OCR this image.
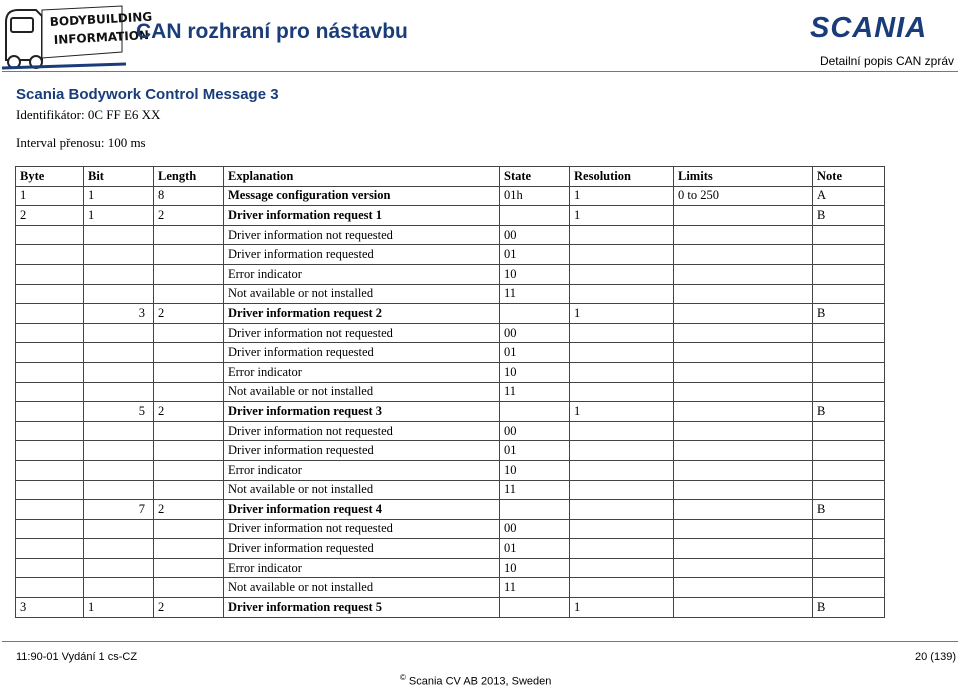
BODYBUILDING
INFORMATION
CAN rozhraní pro nástavbu	SCANIA
Detailní popis CAN zpráv
Scania Bodywork Control Message 3
Identifikátor: 0C FF E6 XX
Interval přenosu: 100 ms
Byte	Bit	Length	Explanation	State	Resolution	Limits	Note
1	1	8	Message configuration version	01h	1	0 to 250	A
2	1	2	Driver information request 1		1		B
			Driver information not requested	00			
			Driver information requested	01			
			Error indicator	10			
			Not available or not installed	11			
	3	2	Driver information request 2		1		B
			Driver information not requested	00			
			Driver information requested	01			
			Error indicator	10			
			Not available or not installed	11			
	5	2	Driver information request 3		1		B
			Driver information not requested	00			
			Driver information requested	01			
			Error indicator	10			
			Not available or not installed	11			
	7	2	Driver information request 4				B
			Driver information not requested	00			
			Driver information requested	01			
			Error indicator	10			
			Not available or not installed	11			
3	1	2	Driver information request 5		1		B
11:90-01 Vydání 1 cs-CZ	20 (139)
© Scania CV AB 2013, Sweden
